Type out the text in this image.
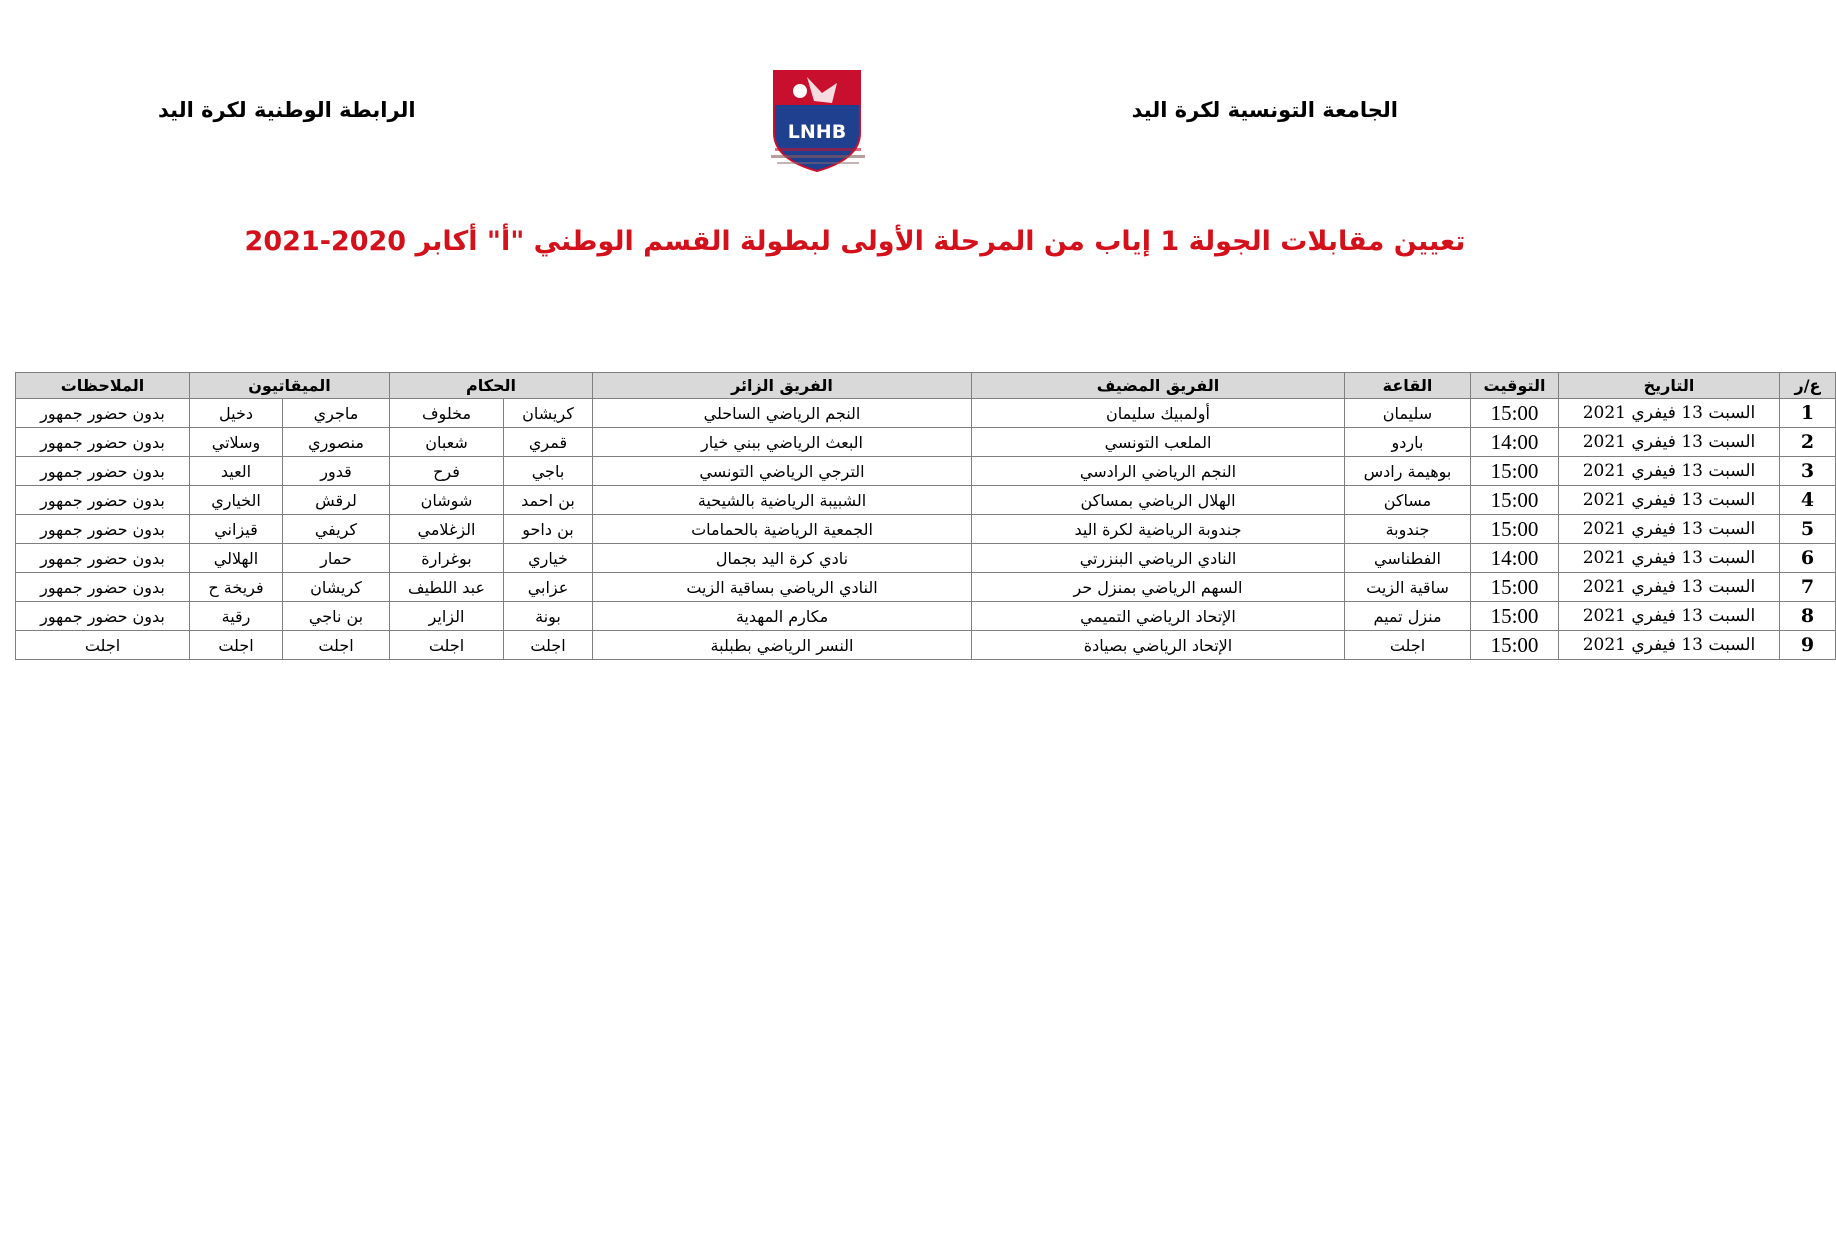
الجامعة التونسية لكرة اليد
الرابطة الوطنية لكرة اليد
LNHB
تعيين مقابلات الجولة 1 إياب من المرحلة الأولى لبطولة القسم الوطني "أ" أكابر 2020-2021
ع/ر	التاريخ	التوقيت	القاعة	الفريق المضيف	الفريق الزائر	الحكام		الميقاتيون		الملاحظات
1	السبت 13 فيفري 2021	15:00	سليمان	أولمبيك سليمان	النجم الرياضي الساحلي	كريشان	مخلوف	ماجري	دخيل	بدون حضور جمهور
2	السبت 13 فيفري 2021	14:00	باردو	الملعب التونسي	البعث الرياضي ببني خيار	قمري	شعبان	منصوري	وسلاتي	بدون حضور جمهور
3	السبت 13 فيفري 2021	15:00	بوهيمة رادس	النجم الرياضي الرادسي	الترجي الرياضي التونسي	باجي	فرح	قدور	العيد	بدون حضور جمهور
4	السبت 13 فيفري 2021	15:00	مساكن	الهلال الرياضي بمساكن	الشبيبة الرياضية بالشيحية	بن احمد	شوشان	لرقش	الخياري	بدون حضور جمهور
5	السبت 13 فيفري 2021	15:00	جندوبة	جندوبة الرياضية لكرة اليد	الجمعية الرياضية بالحمامات	بن داحو	الزغلامي	كريفي	قيزاني	بدون حضور جمهور
6	السبت 13 فيفري 2021	14:00	الفطناسي	النادي الرياضي البنزرتي	نادي كرة اليد بجمال	خياري	بوغرارة	حمار	الهلالي	بدون حضور جمهور
7	السبت 13 فيفري 2021	15:00	ساقية الزيت	السهم الرياضي بمنزل حر	النادي الرياضي بساقية الزيت	عزابي	عبد اللطيف	كريشان	فريخة ح	بدون حضور جمهور
8	السبت 13 فيفري 2021	15:00	منزل تميم	الإتحاد الرياضي التميمي	مكارم المهدية	بونة	الزاير	بن ناجي	رقية	بدون حضور جمهور
9	السبت 13 فيفري 2021	15:00	اجلت	الإتحاد الرياضي بصيادة	النسر الرياضي بطبلبة	اجلت	اجلت	اجلت	اجلت	اجلت
